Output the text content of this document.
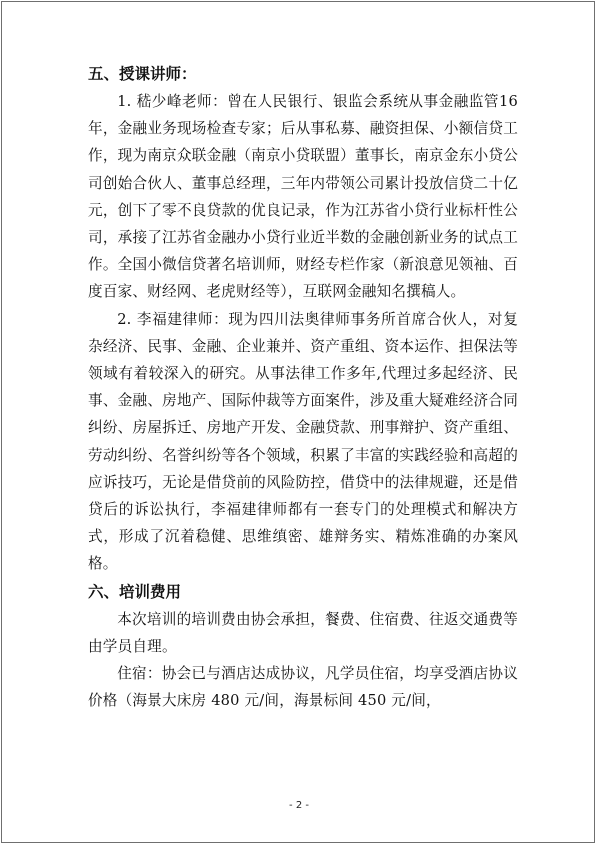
五、授课讲师：

1. 嵇少峰老师：曾在人民银行、银监会系统从事金融监管16年，金融业务现场检查专家；后从事私募、融资担保、小额信贷工作，现为南京众联金融（南京小贷联盟）董事长，南京金东小贷公司创始合伙人、董事总经理，三年内带领公司累计投放信贷二十亿元，创下了零不良贷款的优良记录，作为江苏省小贷行业标杆性公司，承接了江苏省金融办小贷行业近半数的金融创新业务的试点工作。全国小微信贷著名培训师，财经专栏作家（新浪意见领袖、百度百家、财经网、老虎财经等），互联网金融知名撰稿人。

2. 李福建律师：现为四川法奥律师事务所首席合伙人，对复杂经济、民事、金融、企业兼并、资产重组、资本运作、担保法等领域有着较深入的研究。从事法律工作多年,代理过多起经济、民事、金融、房地产、国际仲裁等方面案件，涉及重大疑难经济合同纠纷、房屋拆迁、房地产开发、金融贷款、刑事辩护、资产重组、劳动纠纷、名誉纠纷等各个领域，积累了丰富的实践经验和高超的应诉技巧，无论是借贷前的风险防控，借贷中的法律规避，还是借贷后的诉讼执行，李福建律师都有一套专门的处理模式和解决方式，形成了沉着稳健、思维缜密、雄辩务实、精炼准确的办案风格。

六、培训费用

本次培训的培训费由协会承担，餐费、住宿费、往返交通费等由学员自理。

住宿：协会已与酒店达成协议，凡学员住宿，均享受酒店协议价格（海景大床房 480 元/间，海景标间 450 元/间，

- 2 -
